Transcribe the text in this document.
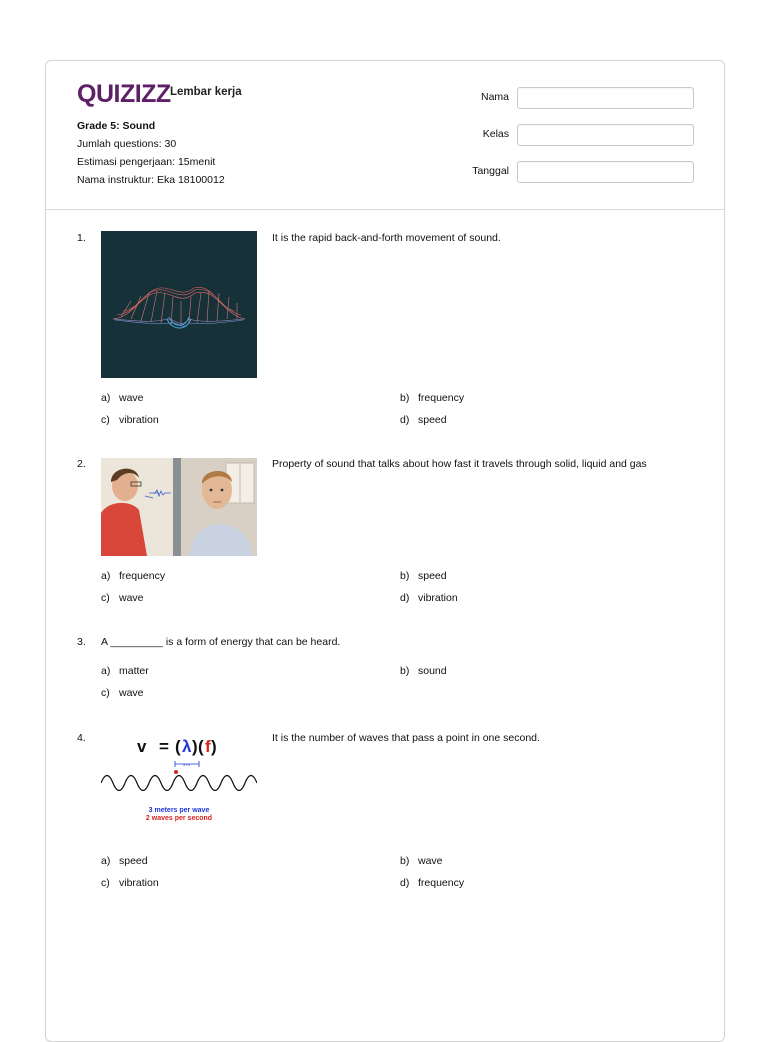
QUIZIZZ Lembar kerja
Grade 5: Sound
Jumlah questions: 30
Estimasi pengerjaan: 15menit
Nama instruktur: Eka 18100012
Nama
Kelas
Tanggal
1.	It is the rapid back-and-forth movement of sound.
a) wave	b) frequency
c) vibration	d) speed
2.	Property of sound that talks about how fast it travels through solid, liquid and gas
a) frequency	b) speed
c) wave	d) vibration
3. A _________ is a form of energy that can be heard.
a) matter	b) sound
c) wave
4.	v = ( λ ) ( f )
3 m
3 meters per wave
2 waves per second
It is the number of waves that pass a point in one second.
a) speed	b) wave
c) vibration	d) frequency
